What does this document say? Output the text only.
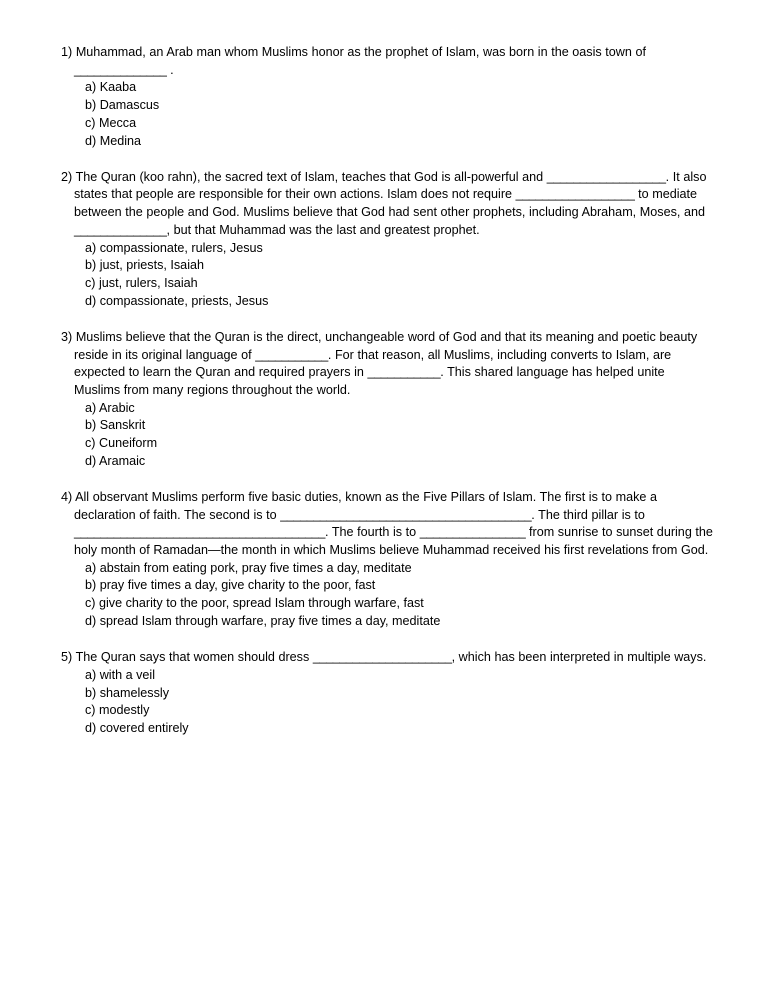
1) Muhammad, an Arab man whom Muslims honor as the prophet of Islam, was born in the oasis town of ______________ .

a) Kaaba
b) Damascus
c) Mecca
d) Medina

2) The Quran (koo rahn), the sacred text of Islam, teaches that God is all-powerful and __________________. It also states that people are responsible for their own actions. Islam does not require __________________ to mediate between the people and God. Muslims believe that God had sent other prophets, including Abraham, Moses, and ______________, but that Muhammad was the last and greatest prophet.

a) compassionate, rulers, Jesus
b) just, priests, Isaiah
c) just, rulers, Isaiah
d) compassionate, priests, Jesus

3) Muslims believe that the Quran is the direct, unchangeable word of God and that its meaning and poetic beauty reside in its original language of ___________. For that reason, all Muslims, including converts to Islam, are expected to learn the Quran and required prayers in ___________. This shared language has helped unite Muslims from many regions throughout the world.

a) Arabic
b) Sanskrit
c) Cuneiform
d) Aramaic

4) All observant Muslims perform five basic duties, known as the Five Pillars of Islam. The first is to make a declaration of faith. The second is to ______________________________________. The third pillar is to ______________________________________. The fourth is to ________________ from sunrise to sunset during the holy month of Ramadan—the month in which Muslims believe Muhammad received his first revelations from God.

a) abstain from eating pork, pray five times a day, meditate
b) pray five times a day, give charity to the poor, fast
c) give charity to the poor, spread Islam through warfare, fast
d) spread Islam through warfare, pray five times a day, meditate

5) The Quran says that women should dress _____________________, which has been interpreted in multiple ways.

a) with a veil
b) shamelessly
c) modestly
d) covered entirely
